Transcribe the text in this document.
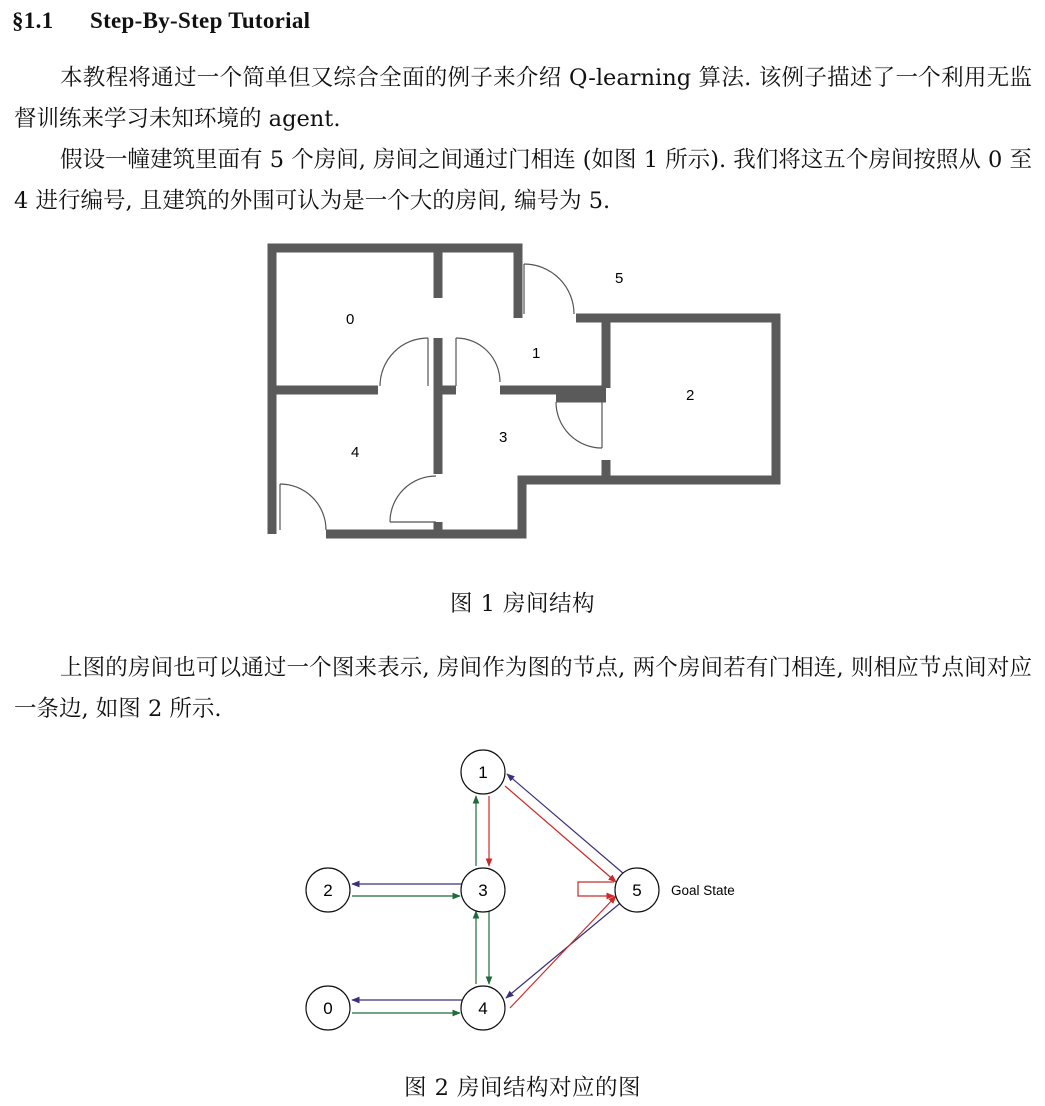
§1.1 Step-By-Step Tutorial

本教程将通过一个简单但又综合全面的例子来介绍 Q-learning 算法. 该例子描述了一个利用无监督训练来学习未知环境的 agent.

假设一幢建筑里面有 5 个房间, 房间之间通过门相连 (如图 1 所示). 我们将这五个房间按照从 0 至 4 进行编号, 且建筑的外围可认为是一个大的房间, 编号为 5.

0
1
2
3
4
5
图 1 房间结构

上图的房间也可以通过一个图来表示, 房间作为图的节点, 两个房间若有门相连, 则相应节点间对应一条边, 如图 2 所示.

1
2	3	5
0	4
Goal State
图 2 房间结构对应的图
